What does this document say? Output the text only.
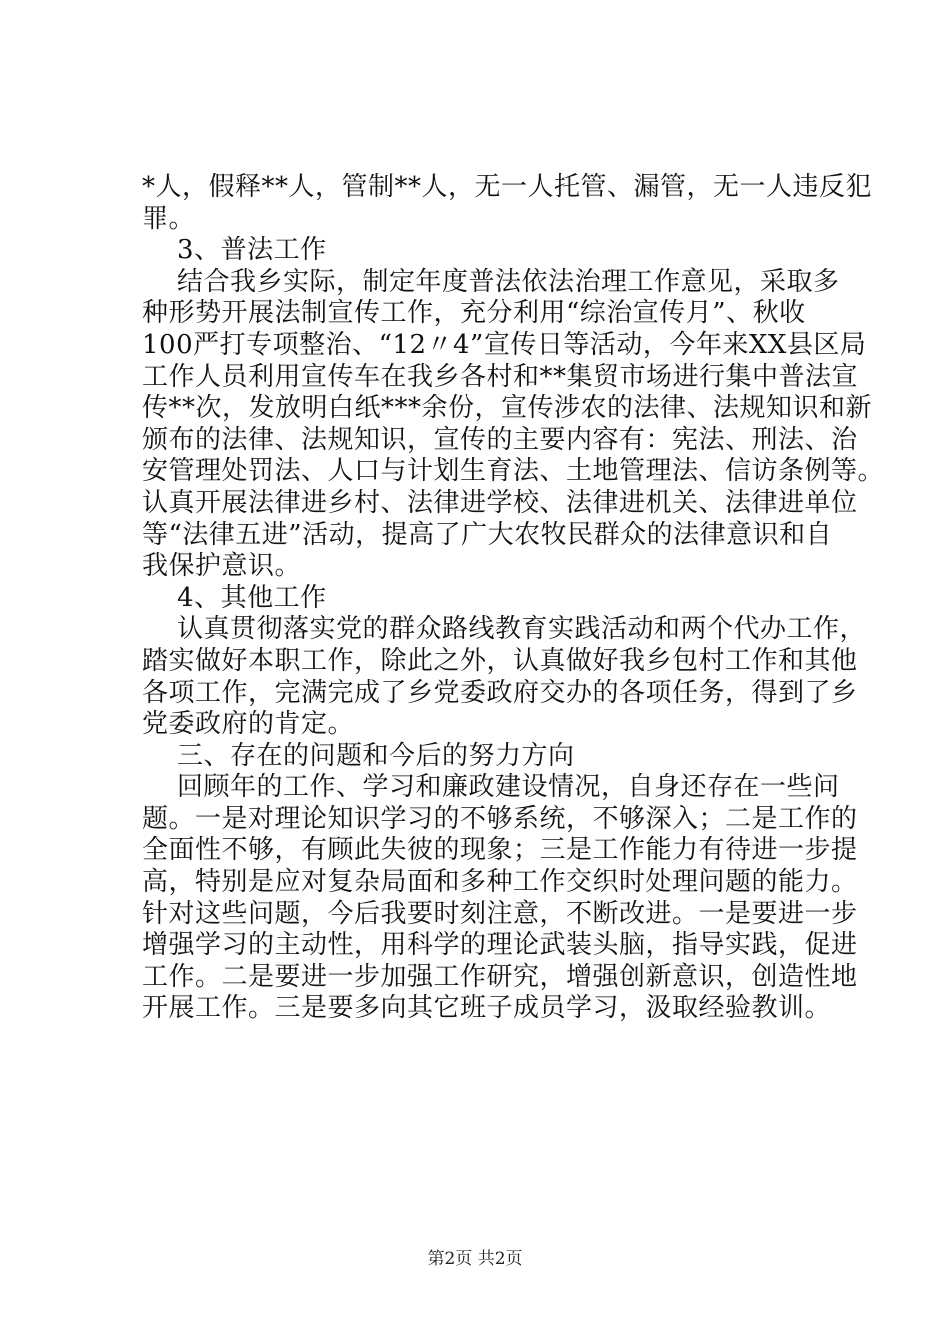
*人，假释**人，管制**人，无一人托管、漏管，无一人违反犯
罪。
3、普法工作
结合我乡实际，制定年度普法依法治理工作意见，采取多
种形势开展法制宣传工作，充分利用“综治宣传月”、秋收
100严打专项整治、“12〃4”宣传日等活动，今年来XX县区局
工作人员利用宣传车在我乡各村和**集贸市场进行集中普法宣
传**次，发放明白纸***余份，宣传涉农的法律、法规知识和新
颁布的法律、法规知识，宣传的主要内容有：宪法、刑法、治
安管理处罚法、人口与计划生育法、土地管理法、信访条例等。
认真开展法律进乡村、法律进学校、法律进机关、法律进单位
等“法律五进”活动，提高了广大农牧民群众的法律意识和自
我保护意识。
4、其他工作
认真贯彻落实党的群众路线教育实践活动和两个代办工作，
踏实做好本职工作，除此之外，认真做好我乡包村工作和其他
各项工作，完满完成了乡党委政府交办的各项任务，得到了乡
党委政府的肯定。
三、存在的问题和今后的努力方向
回顾年的工作、学习和廉政建设情况，自身还存在一些问
题。一是对理论知识学习的不够系统，不够深入；二是工作的
全面性不够，有顾此失彼的现象；三是工作能力有待进一步提
高，特别是应对复杂局面和多种工作交织时处理问题的能力。
针对这些问题，今后我要时刻注意，不断改进。一是要进一步
增强学习的主动性，用科学的理论武装头脑，指导实践，促进
工作。二是要进一步加强工作研究，增强创新意识，创造性地
开展工作。三是要多向其它班子成员学习，汲取经验教训。
第2页 共2页
